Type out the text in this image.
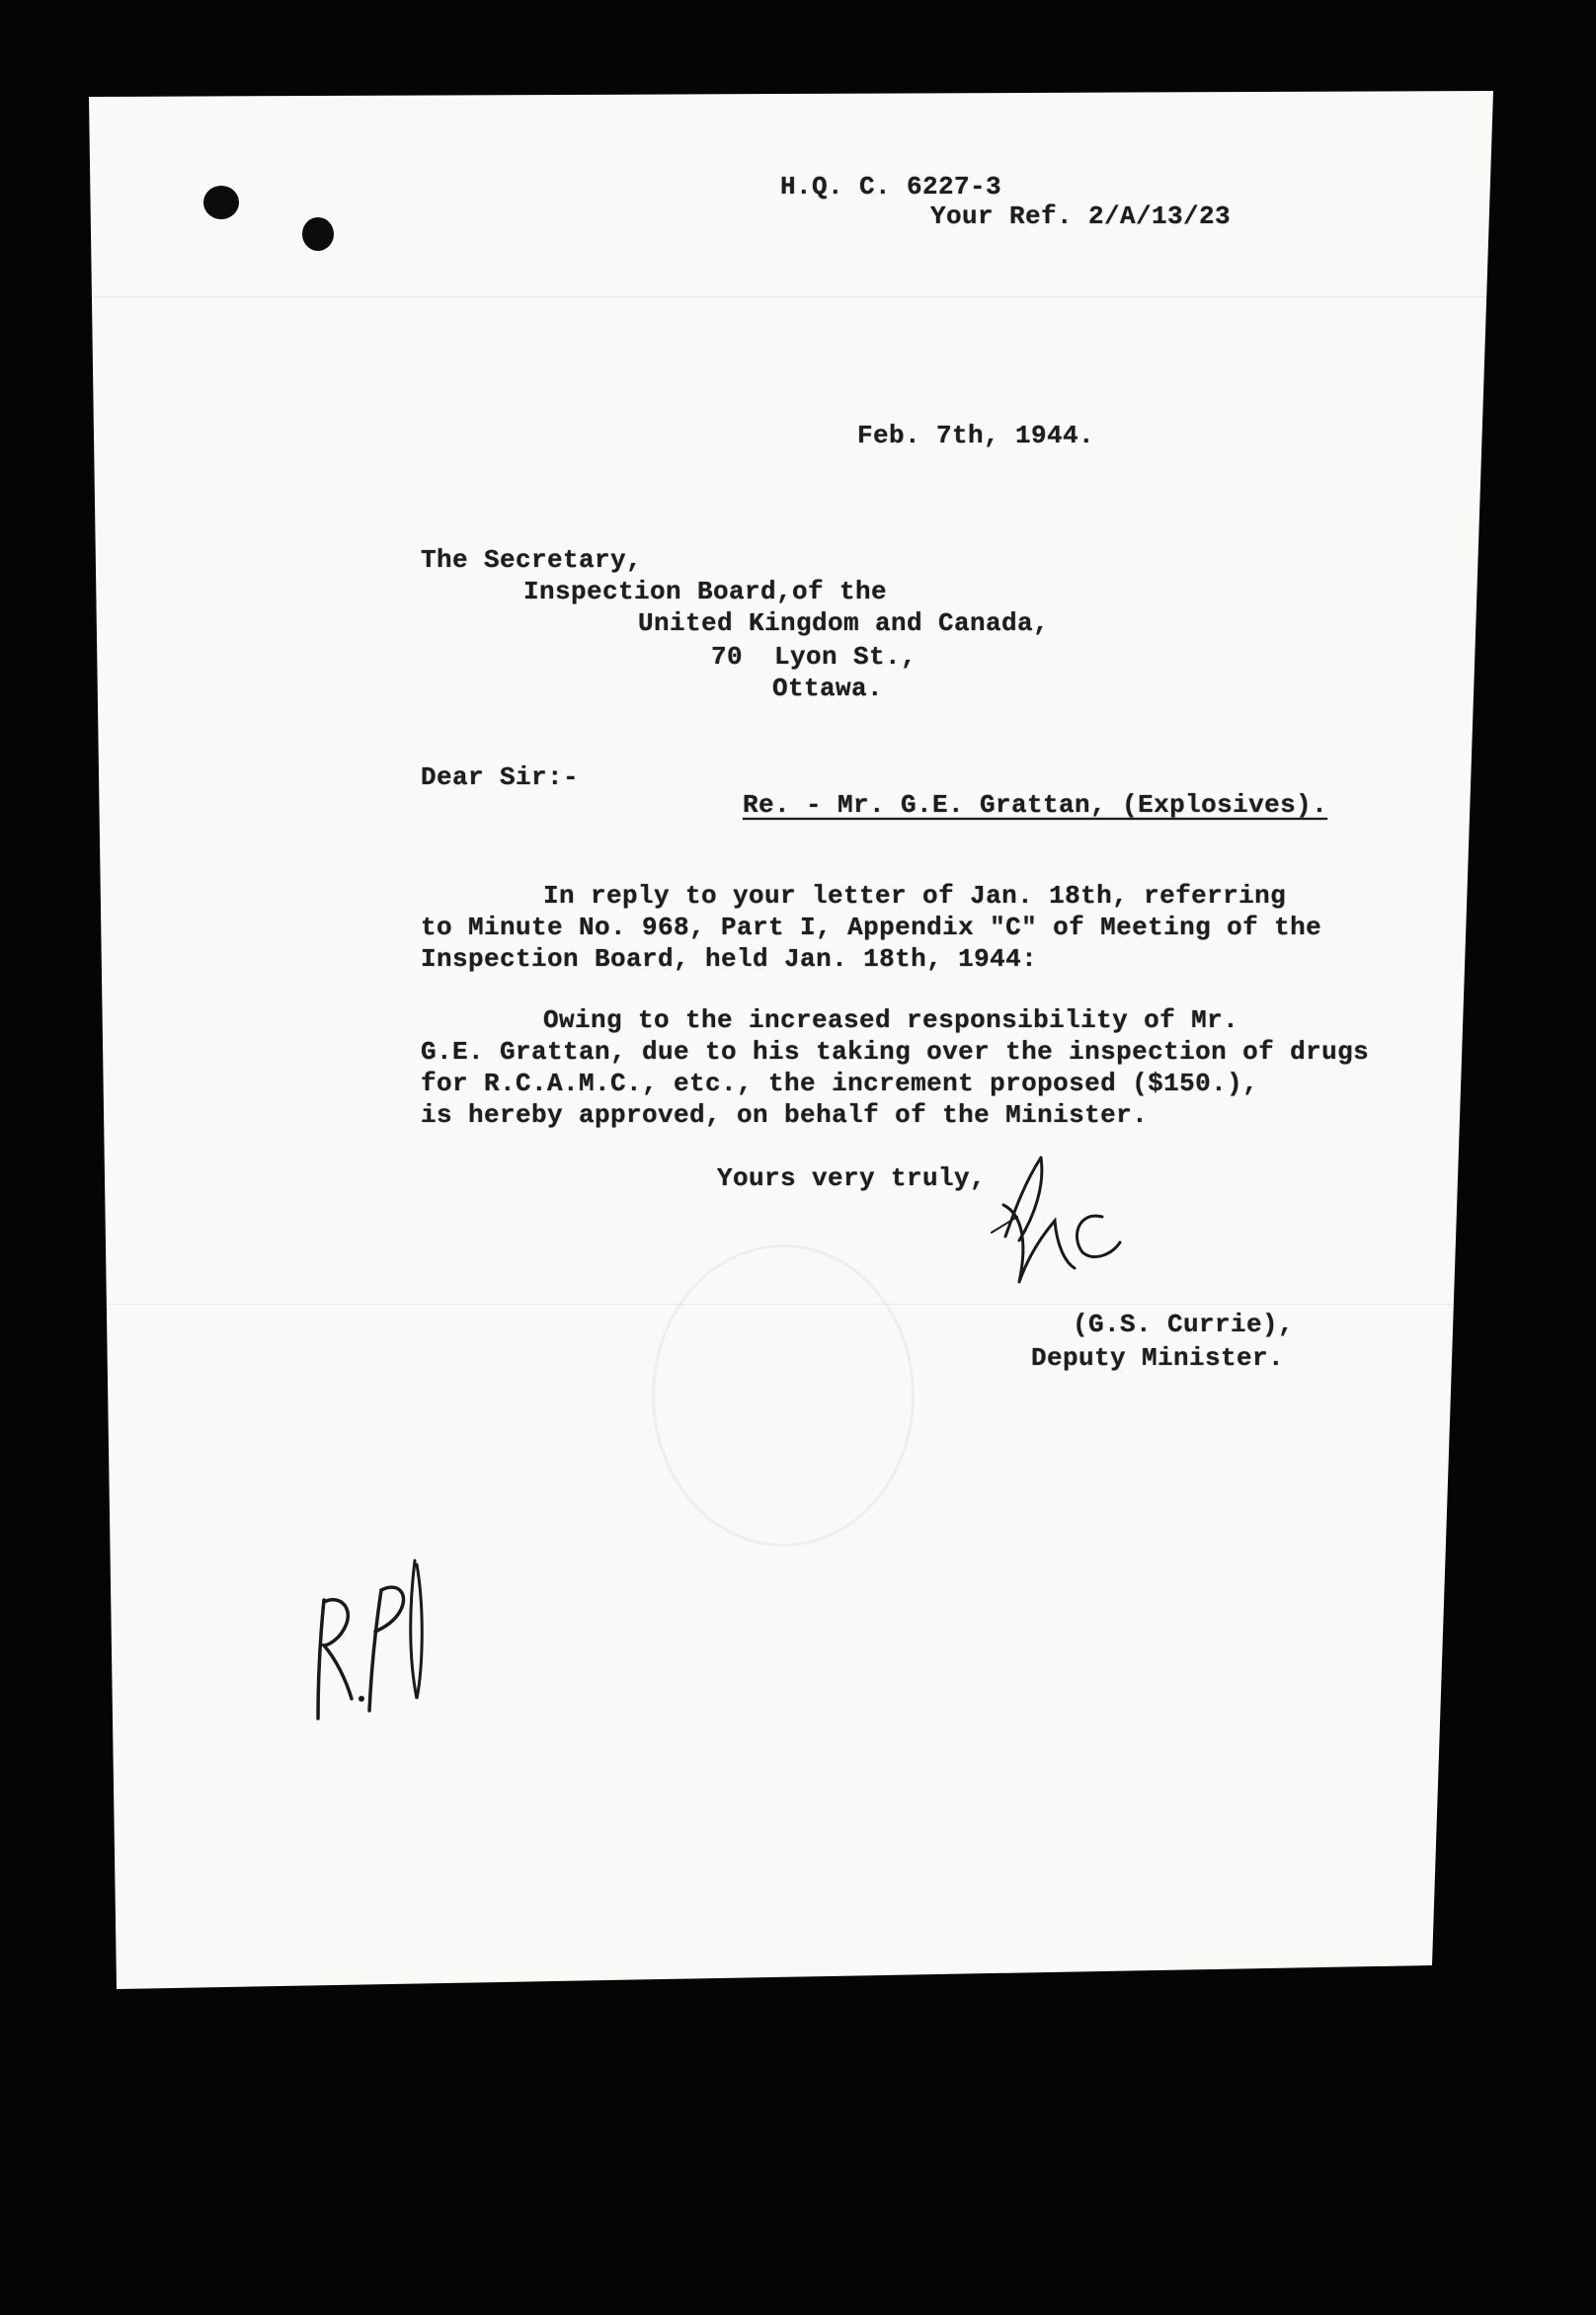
H.Q. C. 6227-3
Your Ref. 2/A/13/23
Feb. 7th, 1944.
The Secretary,
Inspection Board,of the
United Kingdom and Canada,
70  Lyon St.,
Ottawa.
Dear Sir:-
Re. - Mr. G.E. Grattan, (Explosives).
In reply to your letter of Jan. 18th, referring
to Minute No. 968, Part I, Appendix "C" of Meeting of the
Inspection Board, held Jan. 18th, 1944:
Owing to the increased responsibility of Mr.
G.E. Grattan, due to his taking over the inspection of drugs
for R.C.A.M.C., etc., the increment proposed ($150.),
is hereby approved, on behalf of the Minister.
Yours very truly,
(G.S. Currie),
Deputy Minister.
